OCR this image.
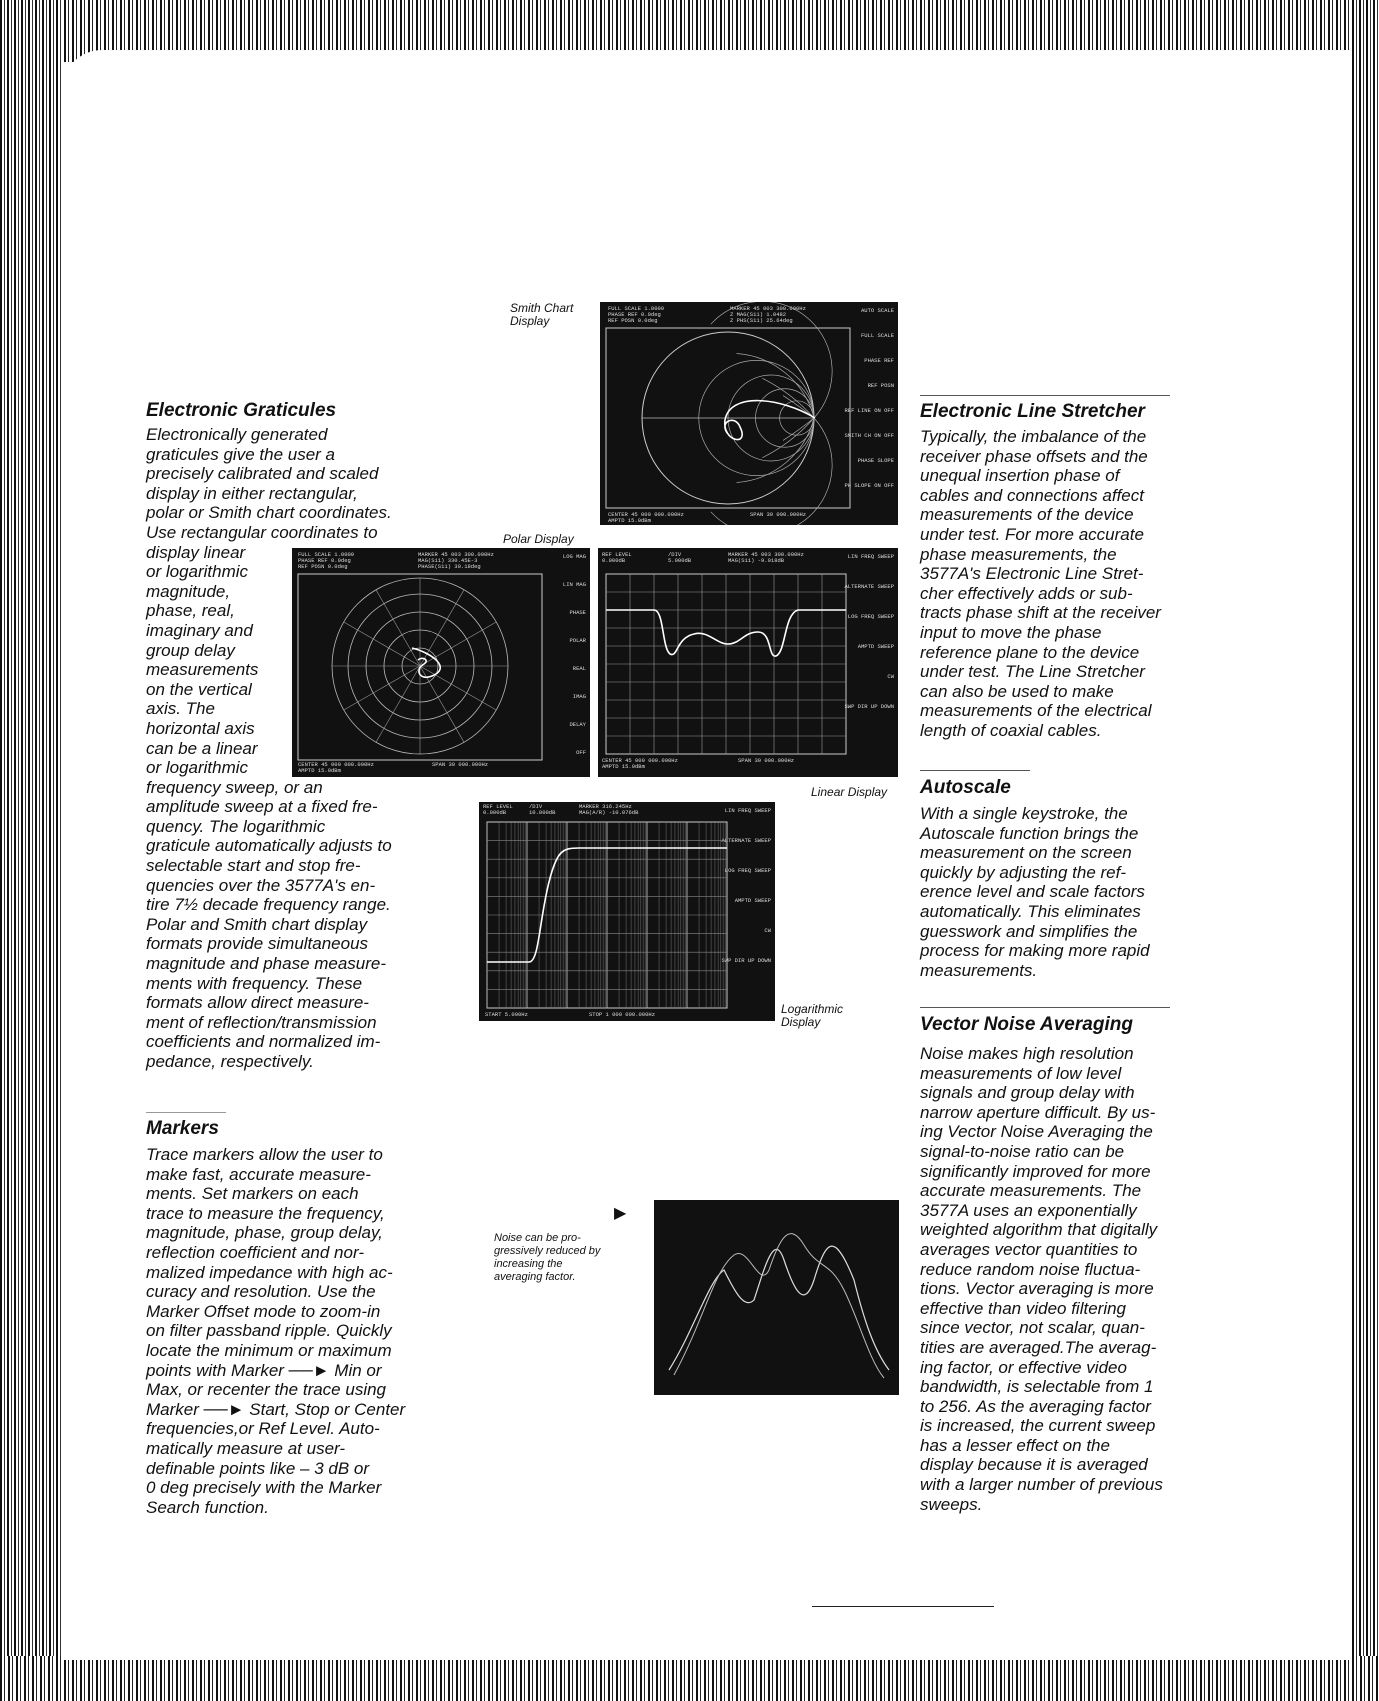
Electronic Graticules

Electronically generated
graticules give the user a
precisely calibrated and scaled
display in either rectangular,
polar or Smith chart coordinates.
Use rectangular coordinates to
display linear
or logarithmic
magnitude,
phase, real,
imaginary and
group delay
measurements
on the vertical
axis. The
horizontal axis
can be a linear
or logarithmic
frequency sweep, or an
amplitude sweep at a fixed fre-
quency. The logarithmic
graticule automatically adjusts to
selectable start and stop fre-
quencies over the 3577A's en-
tire 7½ decade frequency range.
Polar and Smith chart display
formats provide simultaneous
magnitude and phase measure-
ments with frequency. These
formats allow direct measure-
ment of reflection/transmission
coefficients and normalized im-
pedance, respectively.

Markers

Trace markers allow the user to
make fast, accurate measure-
ments. Set markers on each
trace to measure the frequency,
magnitude, phase, group delay,
reflection coefficient and nor-
malized impedance with high ac-
curacy and resolution. Use the
Marker Offset mode to zoom-in
on filter passband ripple. Quickly
locate the minimum or maximum
points with Marker ──► Min or
Max, or recenter the trace using
Marker ──► Start, Stop or Center
frequencies,or Ref Level. Auto-
matically measure at user-
definable points like – 3 dB or
0 deg precisely with the Marker
Search function.

Electronic Line Stretcher

Typically, the imbalance of the
receiver phase offsets and the
unequal insertion phase of
cables and connections affect
measurements of the device
under test. For more accurate
phase measurements, the
3577A's Electronic Line Stret-
cher effectively adds or sub-
tracts phase shift at the receiver
input to move the phase
reference plane to the device
under test. The Line Stretcher
can also be used to make
measurements of the electrical
length of coaxial cables.

Autoscale

With a single keystroke, the
Autoscale function brings the
measurement on the screen
quickly by adjusting the ref-
erence level and scale factors
automatically. This eliminates
guesswork and simplifies the
process for making more rapid
measurements.

Vector Noise Averaging

Noise makes high resolution
measurements of low level
signals and group delay with
narrow aperture difficult. By us-
ing Vector Noise Averaging the
signal-to-noise ratio can be
significantly improved for more
accurate measurements. The
3577A uses an exponentially
weighted algorithm that digitally
averages vector quantities to
reduce random noise fluctua-
tions. Vector averaging is more
effective than video filtering
since vector, not scalar, quan-
tities are averaged.The averag-
ing factor, or effective video
bandwidth, is selectable from 1
to 256. As the averaging factor
is increased, the current sweep
has a lesser effect on the
display because it is averaged
with a larger number of previous
sweeps.

Smith Chart
Display

Polar Display

Linear Display

Logarithmic
Display

Noise can be pro-
gressively reduced by
increasing the
averaging factor.

▶
FULL SCALE 1.0000
PHASE REF 0.0deg
REF POSN 0.0deg
MARKER 45 003 300.000Hz
Z MAG(S11) 1.0482
Z PHS(S11) 25.64deg
AUTO SCALE
FULL SCALE
PHASE REF
REF POSN
REF LINE ON OFF
SMITH CH ON OFF
PHASE SLOPE
PH SLOPE ON OFF
CENTER 45 000 000.000Hz
AMPTD 15.0dBm
SPAN 30 000.000Hz
FULL SCALE 1.0000
PHASE REF 0.0deg
REF POSN 0.0deg
MARKER 45 003 300.000Hz
MAG(S11) 330.45E-3
PHASE(S11) 30.18deg
LOG MAG
LIN MAG
PHASE
POLAR
REAL
IMAG
DELAY
OFF
CENTER 45 000 000.000Hz
AMPTD 15.0dBm
SPAN 30 000.000Hz
REF LEVEL
0.000dB
/DIV
5.000dB
MARKER 45 003 300.000Hz
MAG(S11) -9.018dB
LIN FREQ SWEEP
ALTERNATE SWEEP
LOG FREQ SWEEP
AMPTD SWEEP
CW
SWP DIR UP DOWN
CENTER 45 000 000.000Hz
AMPTD 15.0dBm
SPAN 30 000.000Hz
REF LEVEL
0.000dB
/DIV
10.000dB
MARKER 316.245Hz
MAG(A/R) -10.076dB	LIN FREQ SWEEP
ALTERNATE SWEEP
LOG FREQ SWEEP
AMPTD SWEEP
CW
SWP DIR UP DOWN
START 5.000Hz	STOP 1 000 000.000Hz
